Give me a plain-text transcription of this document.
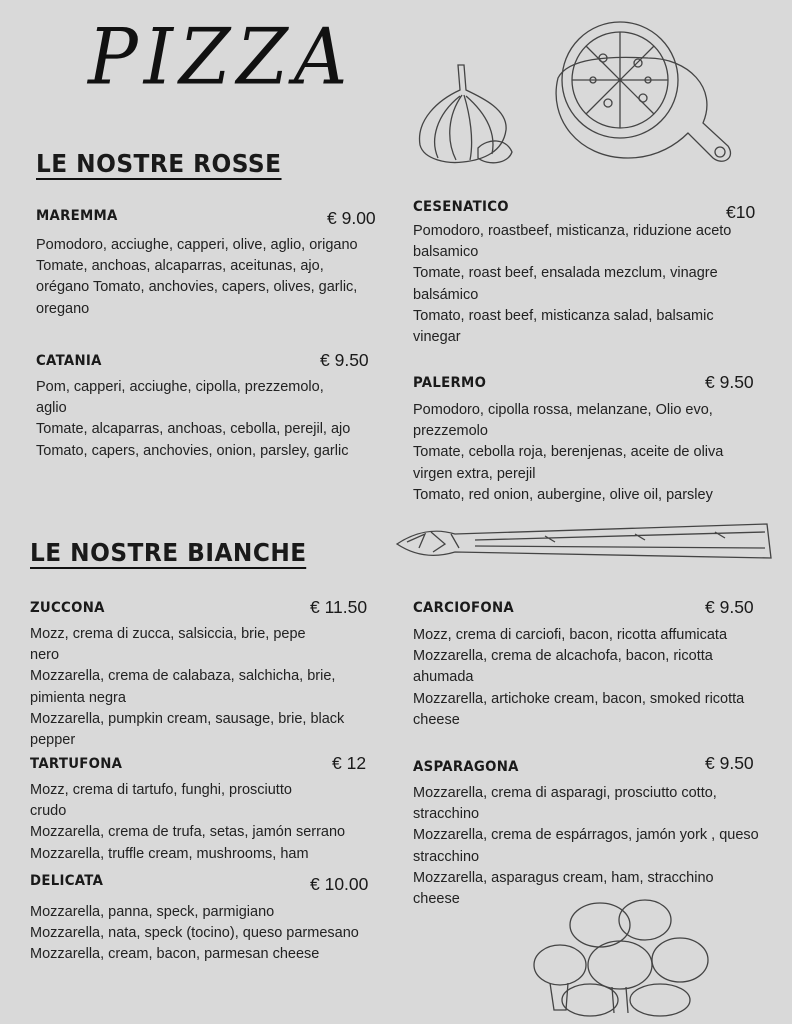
PIZZA
LE NOSTRE ROSSE
LE NOSTRE BIANCHE
MAREMMA	€ 9.00
Pomodoro, acciughe, capperi, olive, aglio, origano
Tomate, anchoas, alcaparras, aceitunas, ajo,
orégano Tomato, anchovies, capers, olives, garlic,
oregano
CATANIA	€ 9.50
Pom, capperi, acciughe, cipolla, prezzemolo,
aglio
Tomate, alcaparras, anchoas, cebolla, perejil, ajo
Tomato, capers, anchovies, onion, parsley, garlic
CESENATICO	€10
Pomodoro, roastbeef, misticanza, riduzione aceto
balsamico
Tomate, roast beef, ensalada mezclum, vinagre
balsámico
Tomato, roast beef, misticanza salad, balsamic
vinegar
PALERMO	€ 9.50
Pomodoro, cipolla rossa, melanzane, Olio evo,
prezzemolo
Tomate, cebolla roja, berenjenas, aceite de oliva
virgen extra, perejil
Tomato, red onion, aubergine, olive oil, parsley
ZUCCONA	€ 11.50
Mozz, crema di zucca, salsiccia, brie, pepe
nero
Mozzarella, crema de calabaza, salchicha, brie,
pimienta negra
Mozzarella, pumpkin cream, sausage, brie, black
pepper
TARTUFONA	€ 12
Mozz, crema di tartufo, funghi, prosciutto
crudo
Mozzarella, crema de trufa, setas, jamón serrano
Mozzarella, truffle cream, mushrooms, ham
DELICATA	€ 10.00
Mozzarella, panna, speck, parmigiano
Mozzarella, nata, speck (tocino), queso parmesano
Mozzarella, cream, bacon, parmesan cheese
CARCIOFONA	€ 9.50
Mozz, crema di carciofi, bacon, ricotta affumicata
Mozzarella, crema de alcachofa, bacon, ricotta
ahumada
Mozzarella, artichoke cream, bacon, smoked ricotta
cheese
ASPARAGONA	€ 9.50
Mozzarella, crema di asparagi, prosciutto cotto,
stracchino
Mozzarella, crema de espárragos, jamón york , queso
stracchino
Mozzarella, asparagus cream, ham, stracchino
cheese
